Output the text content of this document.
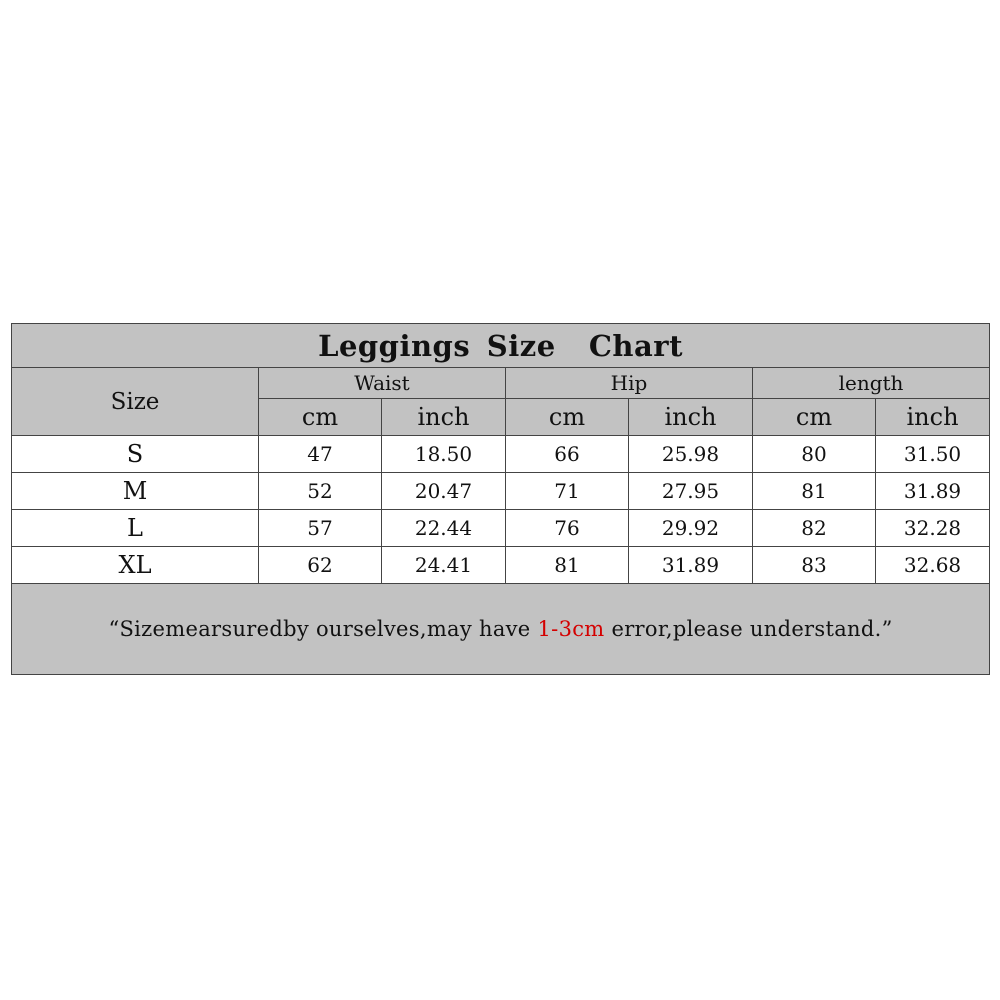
Leggings Size  Chart						
Size	Waist		Hip		length	
	cm	inch	cm	inch	cm	inch
S	47	18.50	66	25.98	80	31.50
M	52	20.47	71	27.95	81	31.89
L	57	22.44	76	29.92	82	32.28
XL	62	24.41	81	31.89	83	32.68
“Sizemearsuredby ourselves,may have 1-3cm error,please understand.”						
